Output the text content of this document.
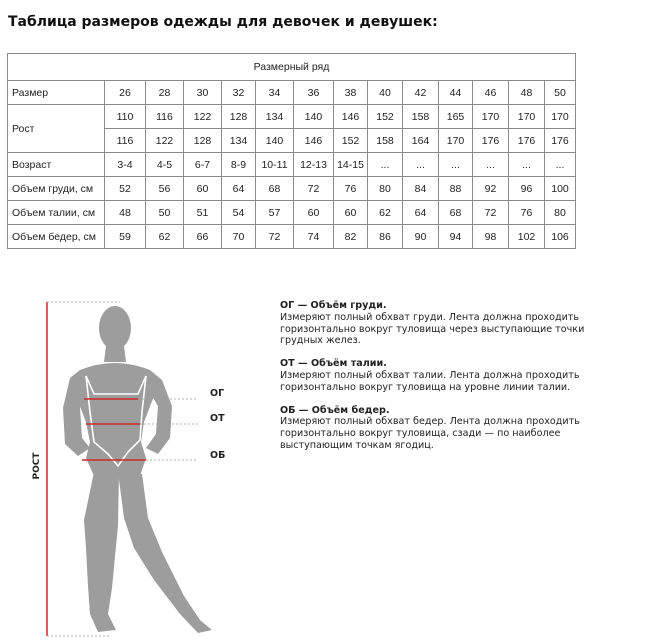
Таблица размеров одежды для девочек и девушек:
Размерный ряд													
Размер	26	28	30	32	34	36	38	40	42	44	46	48	50
Рост	110	116	122	128	134	140	146	152	158	165	170	170	170
	116	122	128	134	140	146	152	158	164	170	176	176	176
Возраст	3-4	4-5	6-7	8-9	10-11	12-13	14-15	...	...	...	...	...	...
Объем груди, см	52	56	60	64	68	72	76	80	84	88	92	96	100
Объем талии, см	48	50	51	54	57	60	60	62	64	68	72	76	80
Объем бедер, см	59	62	66	70	72	74	82	86	90	94	98	102	106
РОСТ
ОГ
ОТ
ОБ
ОГ — Объём груди.
Измеряют полный обхват груди. Лента должна проходить
горизонтально вокруг туловища через выступающие точки
грудных желез.
ОТ — Объём талии.
Измеряют полный обхват талии. Лента должна проходить
горизонтально вокруг туловища на уровне линии талии.
ОБ — Объём бедер.
Измеряют полный обхват бедер. Лента должна проходить
горизонтально вокруг туловища, сзади — по наиболее
выступающим точкам ягодиц.
